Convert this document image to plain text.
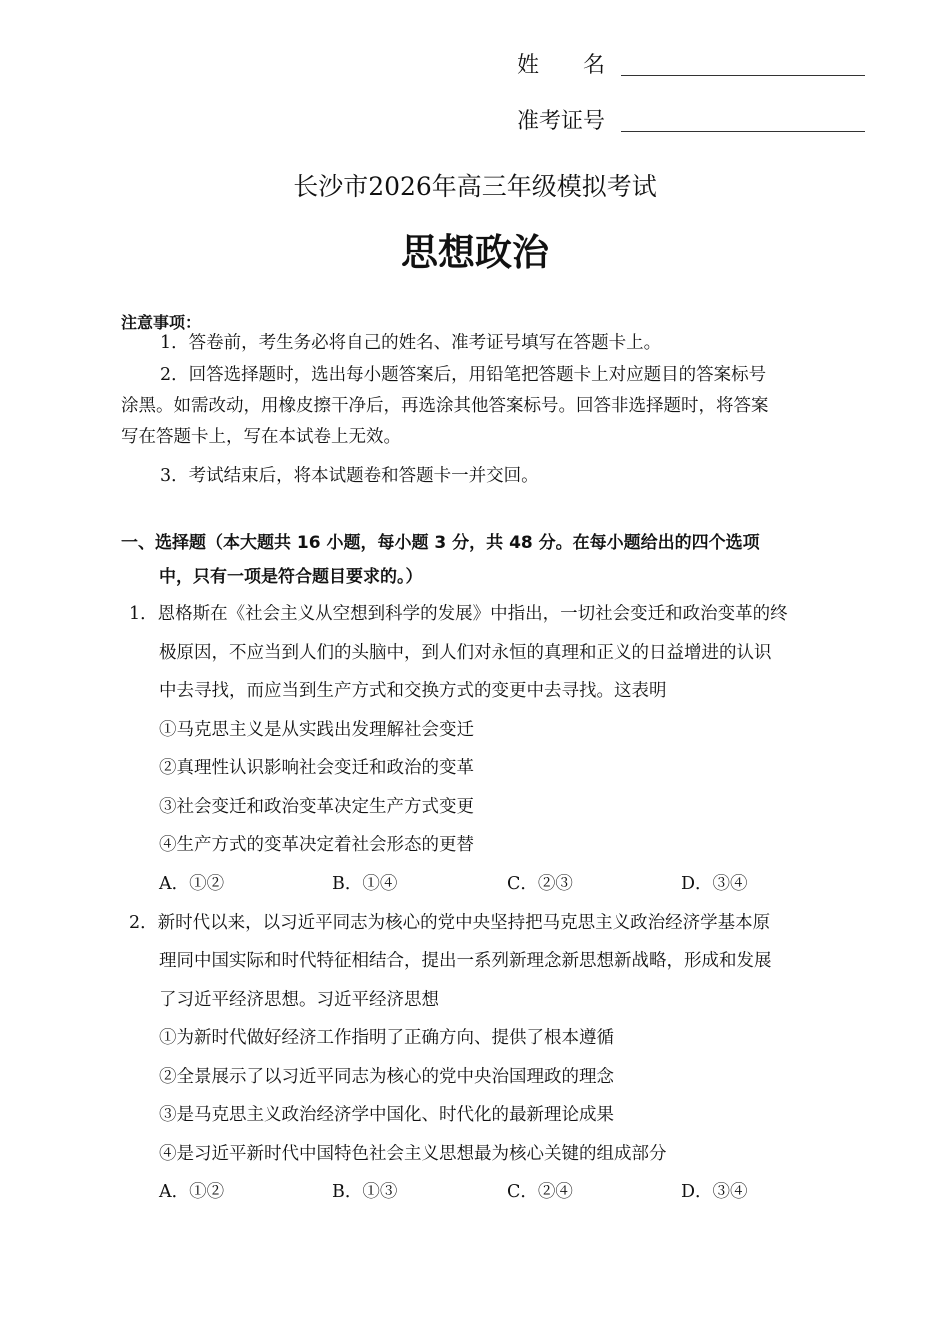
姓　　名
准考证号
长沙市2026年高三年级模拟考试
思想政治
注意事项：
1．答卷前，考生务必将自己的姓名、准考证号填写在答题卡上。
2．回答选择题时，选出每小题答案后，用铅笔把答题卡上对应题目的答案标号
涂黑。如需改动，用橡皮擦干净后，再选涂其他答案标号。回答非选择题时，将答案
写在答题卡上，写在本试卷上无效。
3．考试结束后，将本试题卷和答题卡一并交回。
一、选择题（本大题共 16 小题，每小题 3 分，共 48 分。在每小题给出的四个选项
中，只有一项是符合题目要求的。）
1．恩格斯在《社会主义从空想到科学的发展》中指出，一切社会变迁和政治变革的终
极原因，不应当到人们的头脑中，到人们对永恒的真理和正义的日益增进的认识
中去寻找，而应当到生产方式和交换方式的变更中去寻找。这表明
①马克思主义是从实践出发理解社会变迁
②真理性认识影响社会变迁和政治的变革
③社会变迁和政治变革决定生产方式变更
④生产方式的变革决定着社会形态的更替
A．①②	B．①④	C．②③	D．③④
2．新时代以来，以习近平同志为核心的党中央坚持把马克思主义政治经济学基本原
理同中国实际和时代特征相结合，提出一系列新理念新思想新战略，形成和发展
了习近平经济思想。习近平经济思想
①为新时代做好经济工作指明了正确方向、提供了根本遵循
②全景展示了以习近平同志为核心的党中央治国理政的理念
③是马克思主义政治经济学中国化、时代化的最新理论成果
④是习近平新时代中国特色社会主义思想最为核心关键的组成部分
A．①②	B．①③	C．②④	D．③④
